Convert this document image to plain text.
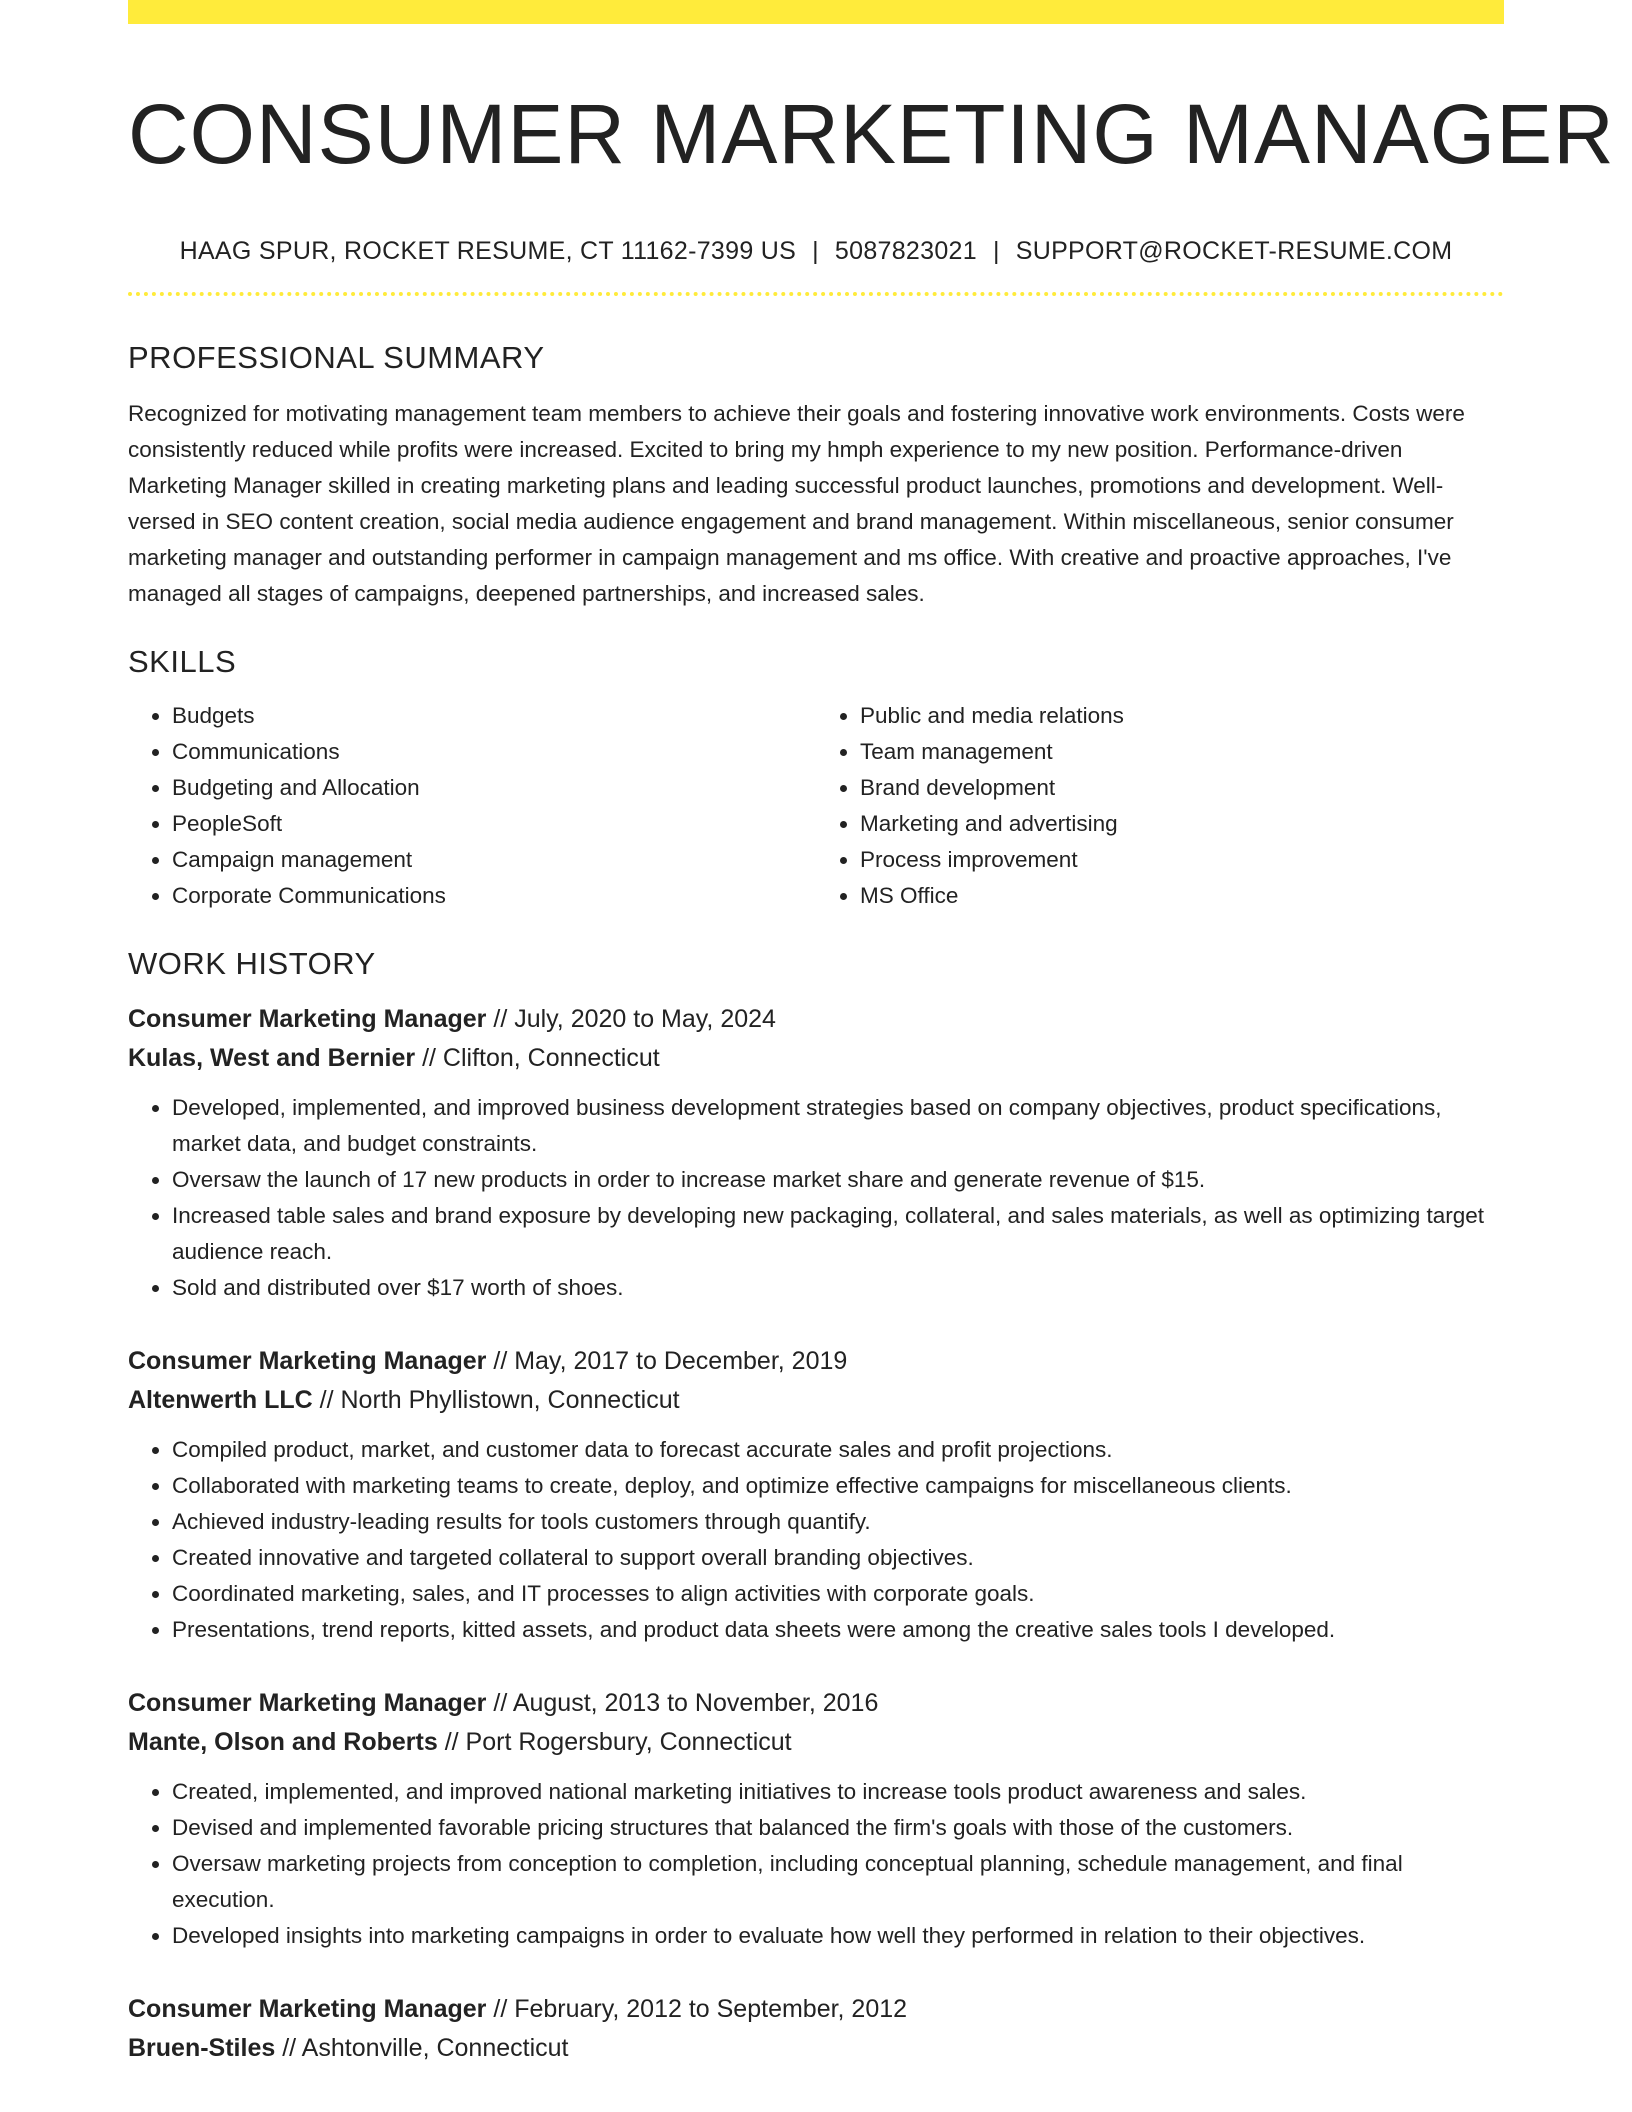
CONSUMER MARKETING MANAGER
HAAG SPUR, ROCKET RESUME, CT 11162-7399 US | 5087823021 | SUPPORT@ROCKET-RESUME.COM
PROFESSIONAL SUMMARY
Recognized for motivating management team members to achieve their goals and fostering innovative work environments. Costs were consistently reduced while profits were increased. Excited to bring my hmph experience to my new position. Performance-driven Marketing Manager skilled in creating marketing plans and leading successful product launches, promotions and development. Well-versed in SEO content creation, social media audience engagement and brand management. Within miscellaneous, senior consumer marketing manager and outstanding performer in campaign management and ms office. With creative and proactive approaches, I've managed all stages of campaigns, deepened partnerships, and increased sales.
SKILLS
• Budgets
• Communications
• Budgeting and Allocation
• PeopleSoft
• Campaign management
• Corporate Communications
• Public and media relations
• Team management
• Brand development
• Marketing and advertising
• Process improvement
• MS Office
WORK HISTORY
Consumer Marketing Manager // July, 2020 to May, 2024
Kulas, West and Bernier // Clifton, Connecticut
• Developed, implemented, and improved business development strategies based on company objectives, product specifications, market data, and budget constraints.
• Oversaw the launch of 17 new products in order to increase market share and generate revenue of $15.
• Increased table sales and brand exposure by developing new packaging, collateral, and sales materials, as well as optimizing target audience reach.
• Sold and distributed over $17 worth of shoes.
Consumer Marketing Manager // May, 2017 to December, 2019
Altenwerth LLC // North Phyllistown, Connecticut
• Compiled product, market, and customer data to forecast accurate sales and profit projections.
• Collaborated with marketing teams to create, deploy, and optimize effective campaigns for miscellaneous clients.
• Achieved industry-leading results for tools customers through quantify.
• Created innovative and targeted collateral to support overall branding objectives.
• Coordinated marketing, sales, and IT processes to align activities with corporate goals.
• Presentations, trend reports, kitted assets, and product data sheets were among the creative sales tools I developed.
Consumer Marketing Manager // August, 2013 to November, 2016
Mante, Olson and Roberts // Port Rogersbury, Connecticut
• Created, implemented, and improved national marketing initiatives to increase tools product awareness and sales.
• Devised and implemented favorable pricing structures that balanced the firm's goals with those of the customers.
• Oversaw marketing projects from conception to completion, including conceptual planning, schedule management, and final execution.
• Developed insights into marketing campaigns in order to evaluate how well they performed in relation to their objectives.
Consumer Marketing Manager // February, 2012 to September, 2012
Bruen-Stiles // Ashtonville, Connecticut
